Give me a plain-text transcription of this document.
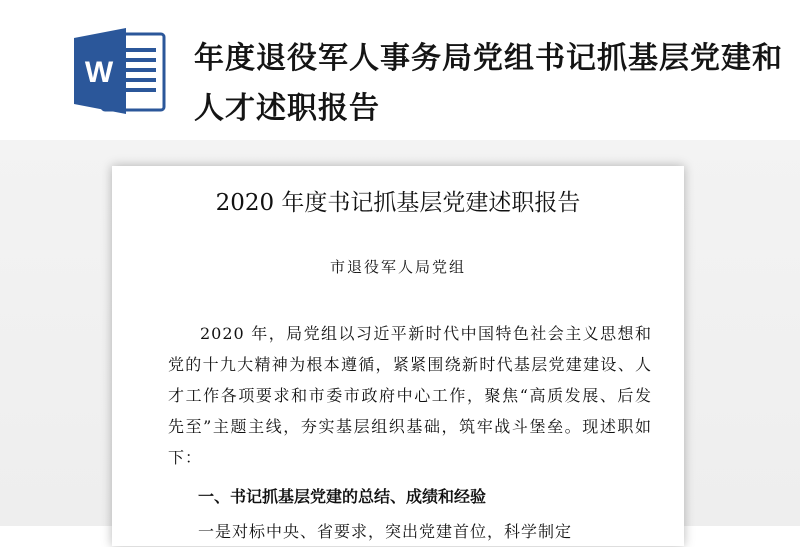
W	年度退役军人事务局党组书记抓基层党建和人才述职报告
2020 年度书记抓基层党建述职报告
市退役军人局党组

2020 年，局党组以习近平新时代中国特色社会主义思想和党的十九大精神为根本遵循，紧紧围绕新时代基层党建建设、人才工作各项要求和市委市政府中心工作，聚焦“高质发展、后发先至”主题主线，夯实基层组织基础，筑牢战斗堡垒。现述职如下：

一、书记抓基层党建的总结、成绩和经验

一是对标中央、省要求，突出党建首位，科学制定
